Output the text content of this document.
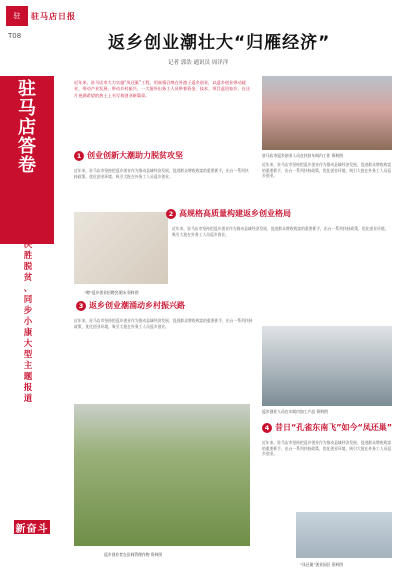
驻	驻马店日报
T08
驻
马
店
答
卷
决
胜
脱
贫
、
同
步
小
康
大
型
主
题
报
道
新奋斗
返乡创业潮壮大“归雁经济”
记者 郭浩 通讯员 周洋洋
近年来，驻马店市大力实施“凤还巢”工程，用真情召唤在外游子返乡创业，以返乡创业带动就业、带动产业发展、带动乡村振兴，一大批外出务工人员带着资金、技术、项目返回家乡，在这片充满希望的热土上书写着创业新篇章。
驻马店市返乡创业人员在扶贫车间内工作 资料图
1 创业创新大潮助力脱贫攻坚
近年来，驻马店市坚持把返乡创业作为推动县域经济发展、促进群众增收致富的重要抓手，出台一系列扶持政策，优化创业环境，吸引大批在外务工人员返乡创业。
近年来，驻马店市坚持把返乡创业作为推动县域经济发展、促进群众增收致富的重要抓手，出台一系列扶持政策，优化创业环境，吸引大批在外务工人员返乡创业。
“聘”返乡创业招聘会现场 资料图
2 高规格高质量构建返乡创业格局
近年来，驻马店市坚持把返乡创业作为推动县域经济发展、促进群众增收致富的重要抓手，出台一系列扶持政策，优化创业环境，吸引大批在外务工人员返乡创业。
3 返乡创业潮涌动乡村振兴路
近年来，驻马店市坚持把返乡创业作为推动县域经济发展、促进群众增收致富的重要抓手，出台一系列扶持政策，优化创业环境，吸引大批在外务工人员返乡创业。
返乡创业人员在车间内加工产品 资料图
返乡创业者在田间管理作物 资料图
4 昔日“孔雀东南飞”如今“凤还巢”
近年来，驻马店市坚持把返乡创业作为推动县域经济发展、促进群众增收致富的重要抓手，出台一系列扶持政策，优化创业环境，吸引大批在外务工人员返乡创业。
“凤还巢”创业园区 资料图
